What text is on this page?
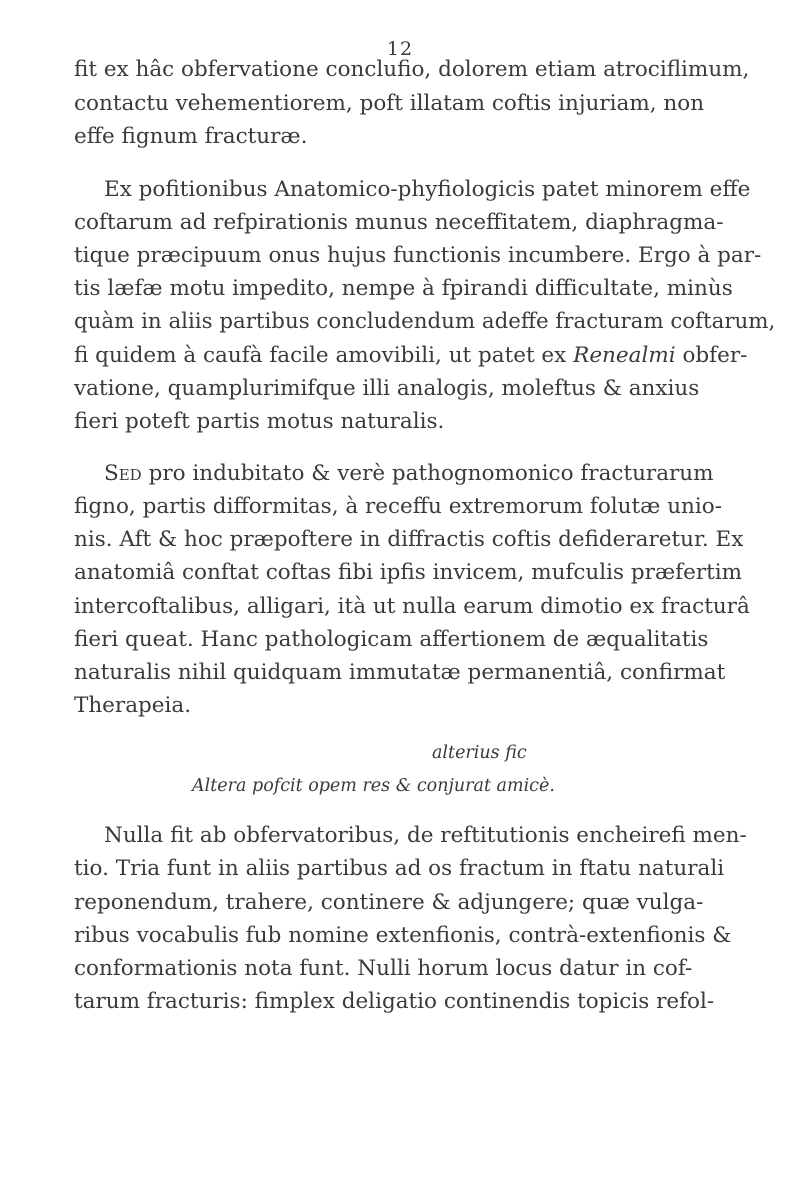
12
fit ex hâc obfervatione conclufio, dolorem etiam atrociflimum,
contactu vehementiorem, poft illatam coftis injuriam, non
effe fignum fracturæ.
Ex pofitionibus Anatomico-phyfiologicis patet minorem effe
coftarum ad refpirationis munus neceffitatem, diaphragma-
tique præcipuum onus hujus functionis incumbere. Ergo à par-
tis læfæ motu impedito, nempe à fpirandi difficultate, minùs
quàm in aliis partibus concludendum adeffe fracturam coftarum,
fi quidem à caufà facile amovibili, ut patet ex Renealmi obfer-
vatione, quamplurimifque illi analogis, moleftus & anxius
fieri poteft partis motus naturalis.
Sed pro indubitato & verè pathognomonico fracturarum
figno, partis difformitas, à receffu extremorum folutæ unio-
nis. Aft & hoc præpoftere in diffractis coftis defideraretur. Ex
anatomiâ conftat coftas fibi ipfis invicem, mufculis præfertim
intercoftalibus, alligari, ità ut nulla earum dimotio ex fracturâ
fieri queat. Hanc pathologicam affertionem de æqualitatis
naturalis nihil quidquam immutatæ permanentiâ, confirmat
Therapeia.
alterius fic
Altera pofcit opem res & conjurat amicè.
Nulla fit ab obfervatoribus, de reftitutionis encheirefi men-
tio. Tria funt in aliis partibus ad os fractum in ftatu naturali
reponendum, trahere, continere & adjungere; quæ vulga-
ribus vocabulis fub nomine extenfionis, contrà-extenfionis &
conformationis nota funt. Nulli horum locus datur in cof-
tarum fracturis: fimplex deligatio continendis topicis refol-
